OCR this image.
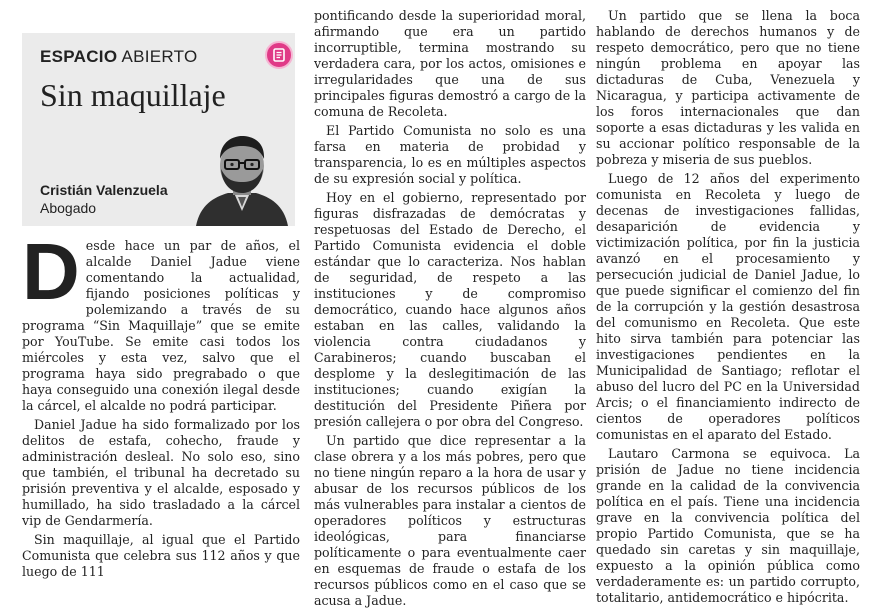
ESPACIO ABIERTO
Sin maquillaje
Cristián Valenzuela
Abogado

Desde hace un par de años, el alcalde Daniel Jadue viene comentando la actualidad, fijando posiciones políticas y polemizando a través de su programa “Sin Maquillaje” que se emite por YouTube. Se emite casi todos los miércoles y esta vez, salvo que el programa haya sido pregrabado o que haya conseguido una conexión ilegal desde la cárcel, el alcalde no podrá participar.

Daniel Jadue ha sido formalizado por los delitos de estafa, cohecho, fraude y administración desleal. No solo eso, sino que también, el tribunal ha decretado su prisión preventiva y el alcalde, esposado y humillado, ha sido trasladado a la cárcel vip de Gendarmería.

Sin maquillaje, al igual que el Partido Comunista que celebra sus 112 años y que luego de 111

pontificando desde la superioridad moral, afirmando que era un partido incorruptible, termina mostrando su verdadera cara, por los actos, omisiones e irregularidades que una de sus principales figuras demostró a cargo de la comuna de Recoleta.

El Partido Comunista no solo es una farsa en materia de probidad y transparencia, lo es en múltiples aspectos de su expresión social y política.

Hoy en el gobierno, representado por figuras disfrazadas de demócratas y respetuosas del Estado de Derecho, el Partido Comunista evidencia el doble estándar que lo caracteriza. Nos hablan de seguridad, de respeto a las instituciones y de compromiso democrático, cuando hace algunos años estaban en las calles, validando la violencia contra ciudadanos y Carabineros; cuando buscaban el desplome y la deslegitimación de las instituciones; cuando exigían la destitución del Presidente Piñera por presión callejera o por obra del Congreso.

Un partido que dice representar a la clase obrera y a los más pobres, pero que no tiene ningún reparo a la hora de usar y abusar de los recursos públicos de los más vulnerables para instalar a cientos de operadores políticos y estructuras ideológicas, para financiarse políticamente o para eventualmente caer en esquemas de fraude o estafa de los recursos públicos como en el caso que se acusa a Jadue.

Un partido que se llena la boca hablando de derechos humanos y de respeto democrático, pero que no tiene ningún problema en apoyar las dictaduras de Cuba, Venezuela y Nicaragua, y participa activamente de los foros internacionales que dan soporte a esas dictaduras y les valida en su accionar político responsable de la pobreza y miseria de sus pueblos.

Luego de 12 años del experimento comunista en Recoleta y luego de decenas de investigaciones fallidas, desaparición de evidencia y victimización política, por fin la justicia avanzó en el procesamiento y persecución judicial de Daniel Jadue, lo que puede significar el comienzo del fin de la corrupción y la gestión desastrosa del comunismo en Recoleta. Que este hito sirva también para potenciar las investigaciones pendientes en la Municipalidad de Santiago; reflotar el abuso del lucro del PC en la Universidad Arcis; o el financiamiento indirecto de cientos de operadores políticos comunistas en el aparato del Estado.

Lautaro Carmona se equivoca. La prisión de Jadue no tiene incidencia grande en la calidad de la convivencia política en el país. Tiene una incidencia grave en la convivencia política del propio Partido Comunista, que se ha quedado sin caretas y sin maquillaje, expuesto a la opinión pública como verdaderamente es: un partido corrupto, totalitario, antidemocrático e hipócrita.
